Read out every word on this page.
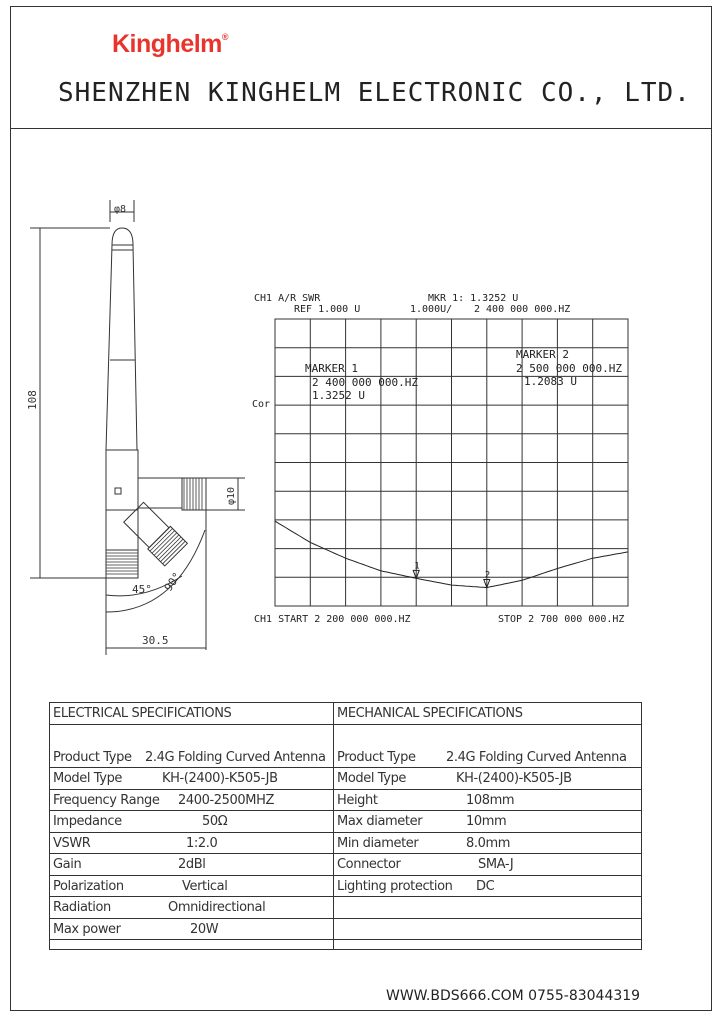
Kinghelm®
SHENZHEN KINGHELM ELECTRONIC CO., LTD.
φ8
108
φ10
45° 90°
30.5
1
2
CH1 A/R SWR
REF 1.000 U
MKR 1: 1.3252 U
1.000U/ 2 400 000 000.HZ
Cor
CH1 START 2 200 000 000.HZ	STOP 2 700 000 000.HZ
MARKER 1
2 400 000 000.HZ
1.3252 U
MARKER 2
2 500 000 000.HZ
1.2083 U
ELECTRICAL SPECIFICATIONS
Product Type 2.4G Folding Curved Antenna
Model Type	KH-(2400)-K505-JB
Frequency Range 2400-2500MHZ
Impedance	50Ω
VSWR	1:2.0
Gain	2dBl
Polarization	Vertical
Radiation	Omnidirectional
Max power	20W
MECHANICAL SPECIFICATIONS
Product Type 2.4G Folding Curved Antenna
Model Type	KH-(2400)-K505-JB
Height	108mm
Max diameter	10mm
Min diameter	8.0mm
Connector	SMA-J
Lighting protection DC
WWW.BDS666.COM 0755-83044319
